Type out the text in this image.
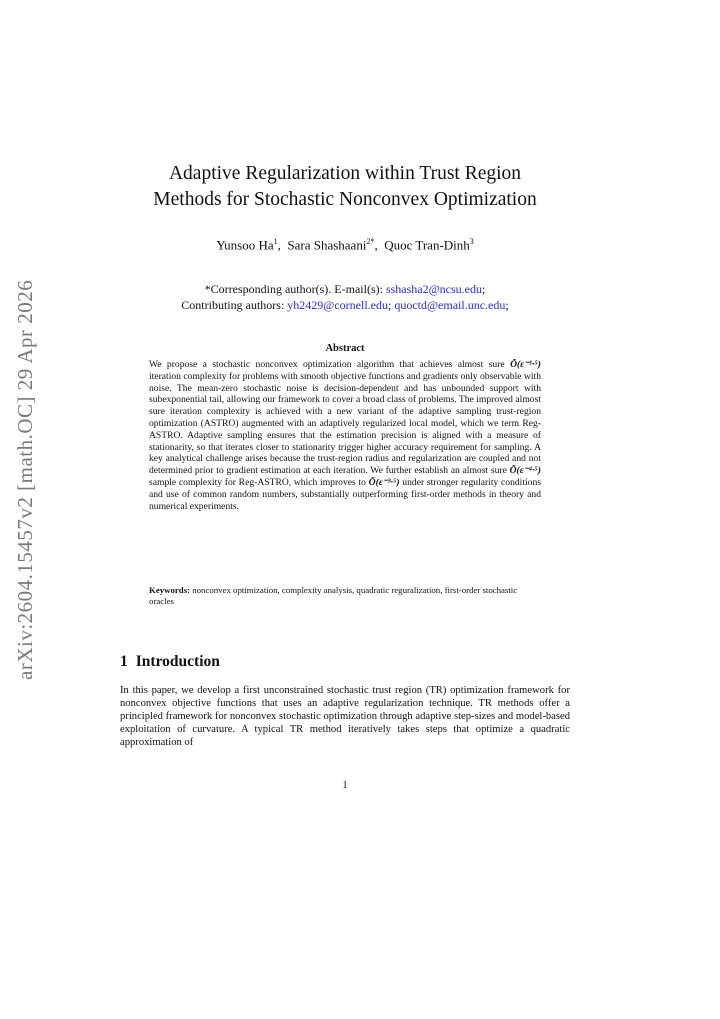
arXiv:2604.15457v2 [math.OC] 29 Apr 2026
Adaptive Regularization within Trust Region
Methods for Stochastic Nonconvex Optimization
Yunsoo Ha$^1$,  Sara Shashaani$^{2*}$,  Quoc Tran-Dinh$^3$
*Corresponding author(s). E-mail(s): sshasha2@ncsu.edu;
Contributing authors: yh2429@cornell.edu; quoctd@email.unc.edu;
Abstract
We propose a stochastic nonconvex optimization algorithm that achieves almost sure Õ(ε⁻¹·⁵) iteration complexity for problems with smooth objective functions and gradients only observable with noise. The mean-zero stochastic noise is decision-dependent and has unbounded support with subexponential tail, allowing our framework to cover a broad class of problems. The improved almost sure iteration complexity is achieved with a new variant of the adaptive sampling trust-region optimization (ASTRO) augmented with an adaptively regularized local model, which we term Reg-ASTRO. Adaptive sampling ensures that the estimation precision is aligned with a measure of stationarity, so that iterates closer to stationarity trigger higher accuracy requirement for sampling. A key analytical challenge arises because the trust-region radius and regularization are coupled and not determined prior to gradient estimation at each iteration. We further establish an almost sure Õ(ε⁻⁴·⁵) sample complexity for Reg-ASTRO, which improves to Õ(ε⁻³·⁵) under stronger regularity conditions and use of common random numbers, substantially outperforming first-order methods in theory and numerical experiments.
Keywords: nonconvex optimization, complexity analysis, quadratic reguralization, first-order stochastic oracles
1 Introduction
In this paper, we develop a first unconstrained stochastic trust region (TR) optimization framework for nonconvex objective functions that uses an adaptive regularization technique. TR methods offer a principled framework for nonconvex stochastic optimization through adaptive step-sizes and model-based exploitation of curvature. A typical TR method iteratively takes steps that optimize a quadratic approximation of
1
